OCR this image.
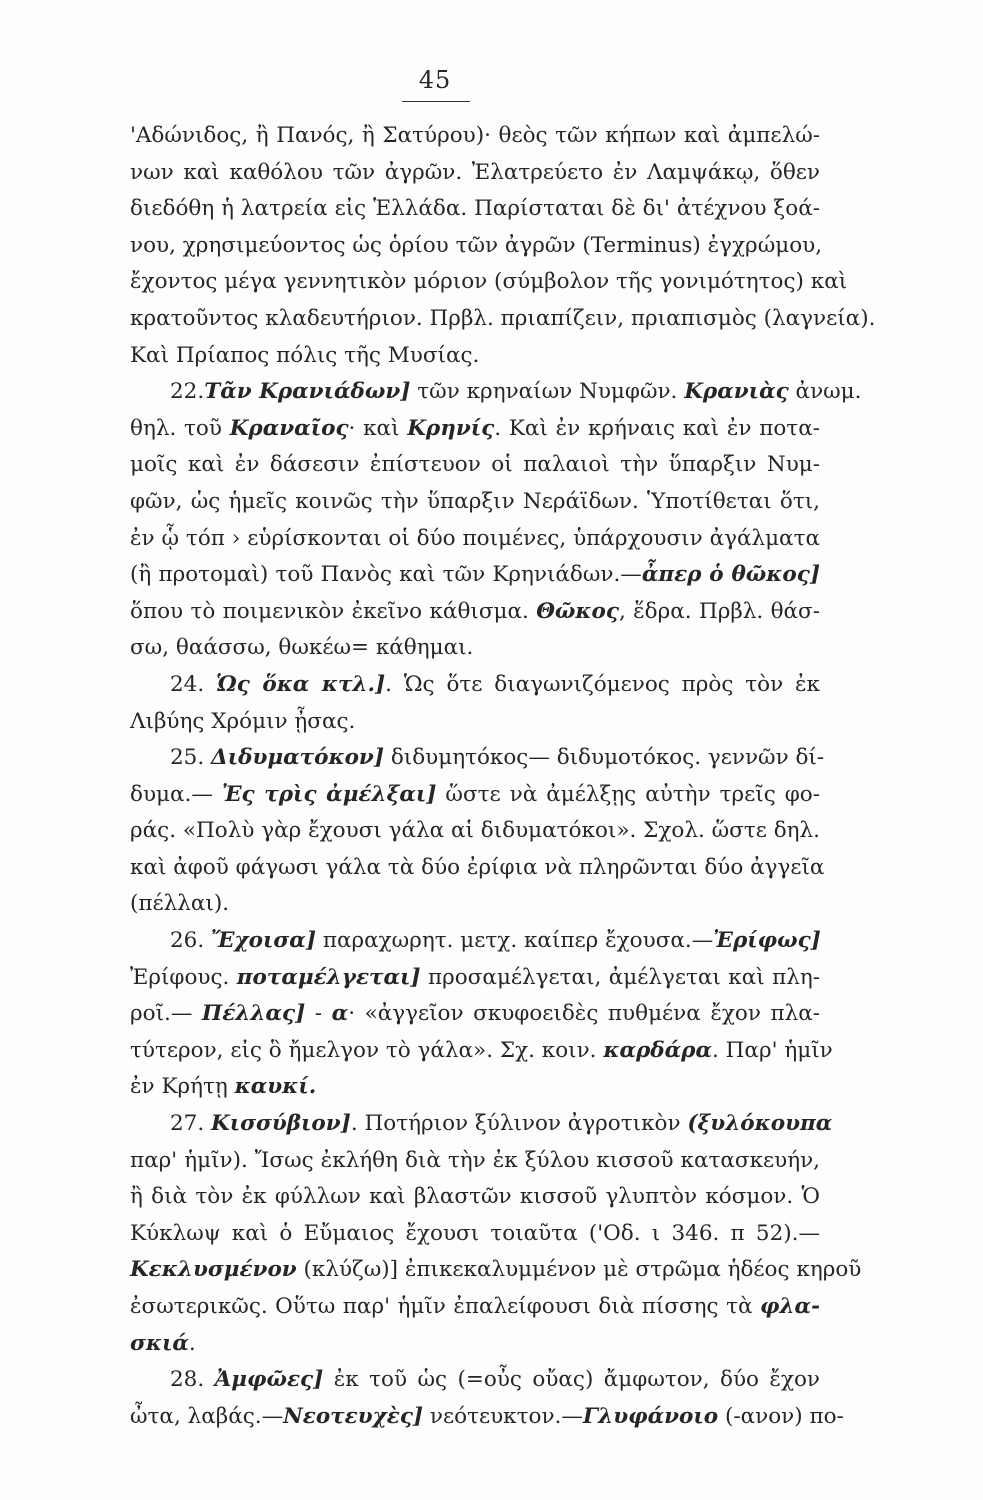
45
'Αδώνιδος, ἢ Πανός, ἢ Σατύρου)· θεὸς τῶν κήπων καὶ ἀμπελώ-
νων καὶ καθόλου τῶν ἀγρῶν. Ἐλατρεύετο ἐν Λαμψάκῳ, ὅθεν
διεδόθη ἡ λατρεία εἰς Ἑλλάδα. Παρίσταται δὲ δι' ἀτέχνου ξοά-
νου, χρησιμεύοντος ὡς ὁρίου τῶν ἀγρῶν (Terminus) ἐγχρώμου,
ἔχοντος μέγα γεννητικὸν μόριον (σύμβολον τῆς γονιμότητος) καὶ
κρατοῦντος κλαδευτήριον. Πρβλ. πριαπίζειν, πριαπισμὸς (λαγνεία).
Καὶ Πρίαπος πόλις τῆς Μυσίας.
22.Τᾶν Κρανιάδων] τῶν κρηναίων Νυμφῶν. Κρανιὰς ἀνωμ.
θηλ. τοῦ Κραναῖος· καὶ Κρηνίς. Καὶ ἐν κρήναις καὶ ἐν ποτα-
μοῖς καὶ ἐν δάσεσιν ἐπίστευον οἱ παλαιοὶ τὴν ὕπαρξιν Νυμ-
φῶν, ὡς ἡμεῖς κοινῶς τὴν ὕπαρξιν Νεράϊδων. Ὑποτίθεται ὅτι,
ἐν ᾧ τόπ › εὑρίσκονται οἱ δύο ποιμένες, ὑπάρχουσιν ἀγάλματα
(ἢ προτομαὶ) τοῦ Πανὸς καὶ τῶν Κρηνιάδων.—ἆπερ ὁ θῶκος]
ὅπου τὸ ποιμενικὸν ἐκεῖνο κάθισμα. Θῶκος, ἕδρα. Πρβλ. θάσ-
σω, θαάσσω, θωκέω= κάθημαι.
24. Ὡς ὅκα κτλ.]. Ὡς ὅτε διαγωνιζόμενος πρὸς τὸν ἐκ
Λιβύης Χρόμιν ᾖσας.
25. Διδυματόκον] διδυμητόκος— διδυμοτόκος. γεννῶν δί-
δυμα.— Ἐς τρὶς ἀμέλξαι] ὥστε νὰ ἀμέλξῃς αὐτὴν τρεῖς φο-
ράς. «Πολὺ γὰρ ἔχουσι γάλα αἱ διδυματόκοι». Σχολ. ὥστε δηλ.
καὶ ἀφοῦ φάγωσι γάλα τὰ δύο ἐρίφια νὰ πληρῶνται δύο ἀγγεῖα
(πέλλαι).
26. Ἔχοισα] παραχωρητ. μετχ. καίπερ ἔχουσα.—Ἐρίφως]
Ἐρίφους. ποταμέλγεται] προσαμέλγεται, ἀμέλγεται καὶ πλη-
ροῖ.— Πέλλας] - α· «ἀγγεῖον σκυφοειδὲς πυθμένα ἔχον πλα-
τύτερον, εἰς ὃ ἤμελγον τὸ γάλα». Σχ. κοιν. καρδάρα. Παρ' ἡμῖν
ἐν Κρήτῃ καυκί.
27. Κισσύβιον]. Ποτήριον ξύλινον ἀγροτικὸν (ξυλόκουπα
παρ' ἡμῖν). Ἴσως ἐκλήθη διὰ τὴν ἐκ ξύλου κισσοῦ κατασκευήν,
ἢ διὰ τὸν ἐκ φύλλων καὶ βλαστῶν κισσοῦ γλυπτὸν κόσμον. Ὁ
Κύκλωψ καὶ ὁ Εὔμαιος ἔχουσι τοιαῦτα ('Οδ. ι 346. π 52).—
Κεκλυσμένον (κλύζω)] ἐπικεκαλυμμένον μὲ στρῶμα ἡδέος κηροῦ
ἐσωτερικῶς. Οὕτω παρ' ἡμῖν ἐπαλείφουσι διὰ πίσσης τὰ φλα-
σκιά.
28. Ἀμφῶες] ἐκ τοῦ ὡς (=οὖς οὔας) ἄμφωτον, δύο ἔχον
ὦτα, λαβάς.—Νεοτευχὲς] νεότευκτον.—Γλυφάνοιο (-ανον) πο-
